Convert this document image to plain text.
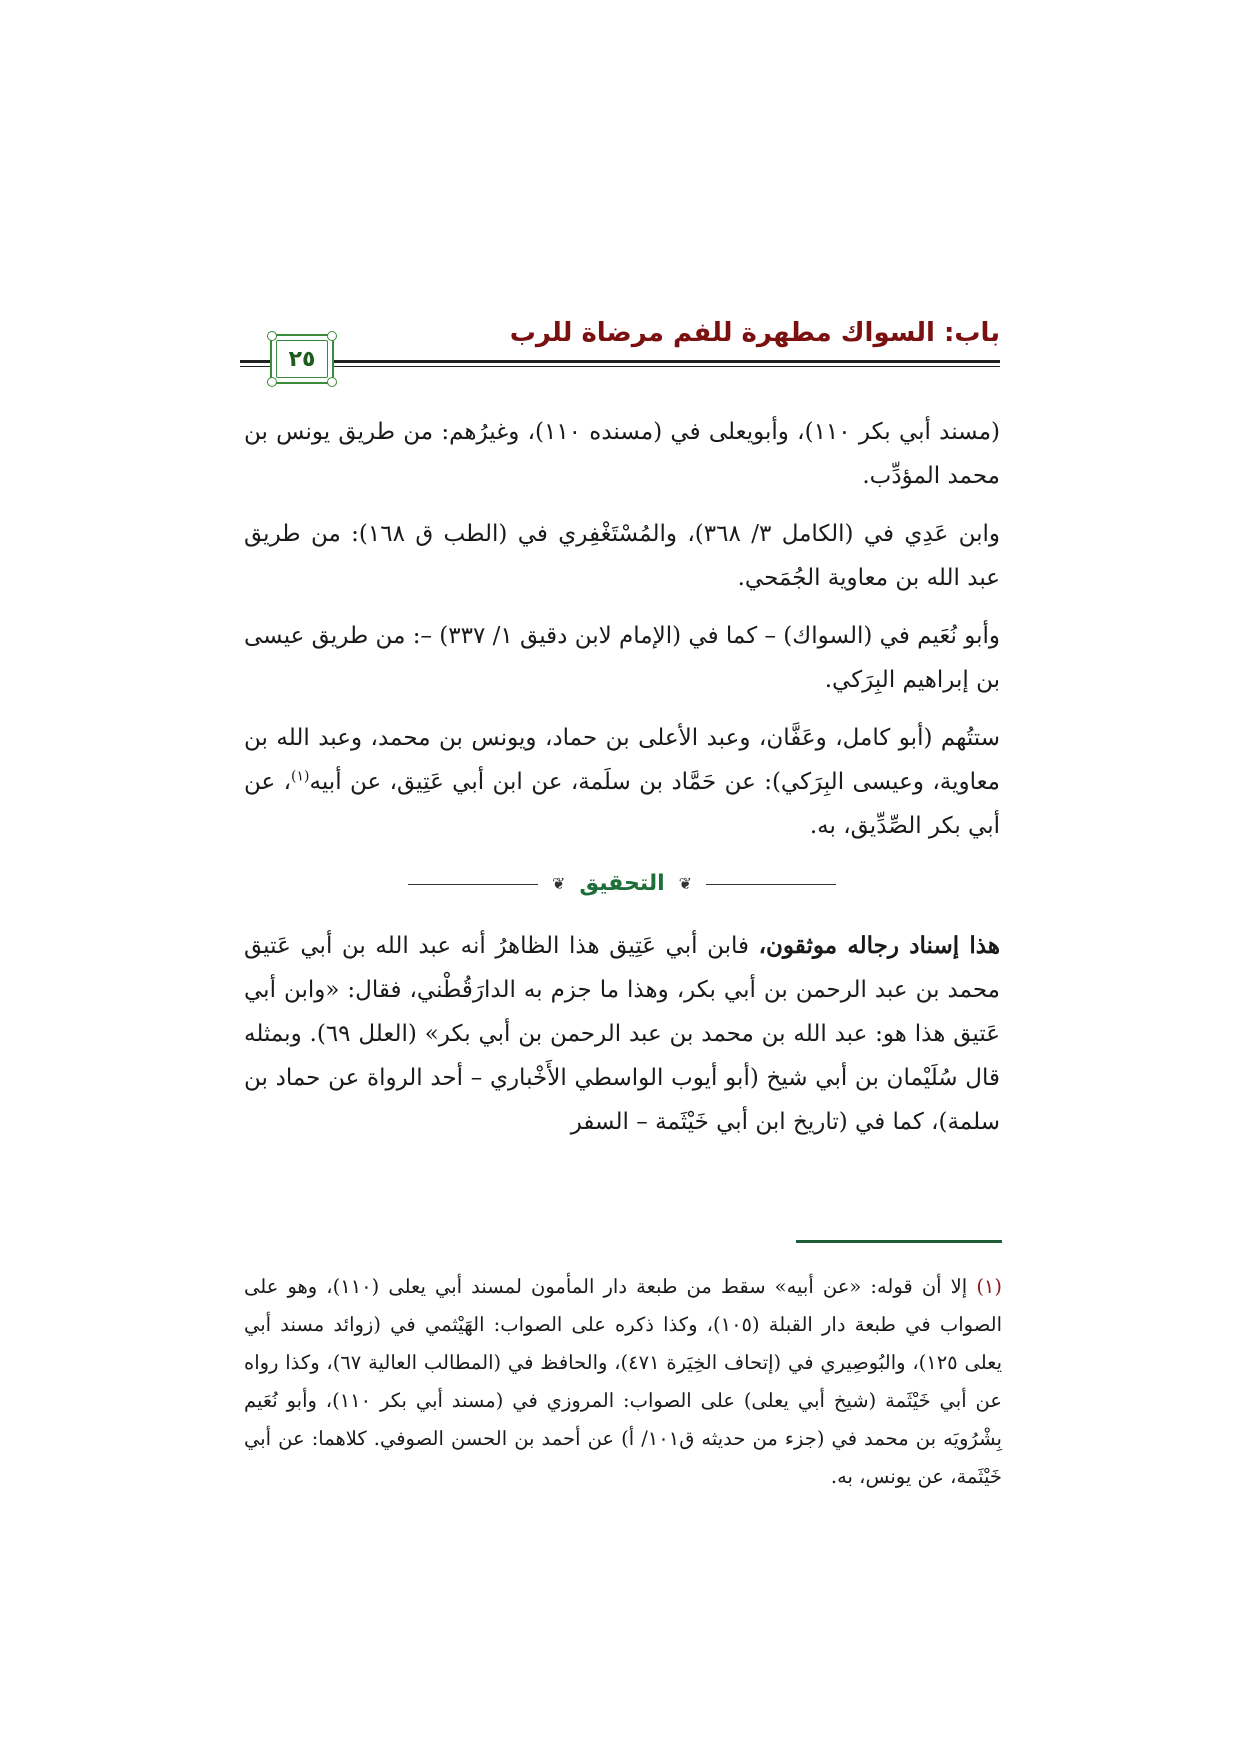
باب: السواك مطهرة للفم مرضاة للرب
٢٥

(مسند أبي بكر ١١٠)، وأبويعلى في (مسنده ١١٠)، وغيرُهم: من طريق يونس بن محمد المؤدِّب.

وابن عَدِي في (الكامل ٣/ ٣٦٨)، والمُسْتَغْفِري في (الطب ق ١٦٨): من طريق عبد الله بن معاوية الجُمَحي.

وأبو نُعَيم في (السواك) – كما في (الإمام لابن دقيق ١/ ٣٣٧) –: من طريق عيسى بن إبراهيم البِرَكي.

ستتُهم (أبو كامل، وعَفَّان، وعبد الأعلى بن حماد، ويونس بن محمد، وعبد الله بن معاوية، وعيسى البِرَكي): عن حَمَّاد بن سلَمة، عن ابن أبي عَتِيق، عن أبيه$^{(١)}$، عن أبي بكر الصِّدِّيق، به.

❦
التحقيق
❦

هذا إسناد رجاله موثقون، فابن أبي عَتِيق هذا الظاهرُ أنه عبد الله بن أبي عَتيق محمد بن عبد الرحمن بن أبي بكر، وهذا ما جزم به الدارَقُطْني، فقال: «وابن أبي عَتيق هذا هو: عبد الله بن محمد بن عبد الرحمن بن أبي بكر» (العلل ٦٩). وبمثله قال سُلَيْمان بن أبي شيخ (أبو أيوب الواسطي الأَخْباري – أحد الرواة عن حماد بن سلمة)، كما في (تاريخ ابن أبي خَيْثَمة – السفر

(١) إلا أن قوله: «عن أبيه» سقط من طبعة دار المأمون لمسند أبي يعلى (١١٠)، وهو على الصواب في طبعة دار القبلة (١٠٥)، وكذا ذكره على الصواب: الهَيْثمي في (زوائد مسند أبي يعلى ١٢٥)، والبُوصِيري في (إتحاف الخِيَرة ٤٧١)، والحافظ في (المطالب العالية ٦٧)، وكذا رواه عن أبي خَيْثَمة (شيخ أبي يعلى) على الصواب: المروزي في (مسند أبي بكر ١١٠)، وأبو نُعَيم بِشْرُويَه بن محمد في (جزء من حديثه ق١٠١/ أ) عن أحمد بن الحسن الصوفي. كلاهما: عن أبي خَيْثَمة، عن يونس، به.
